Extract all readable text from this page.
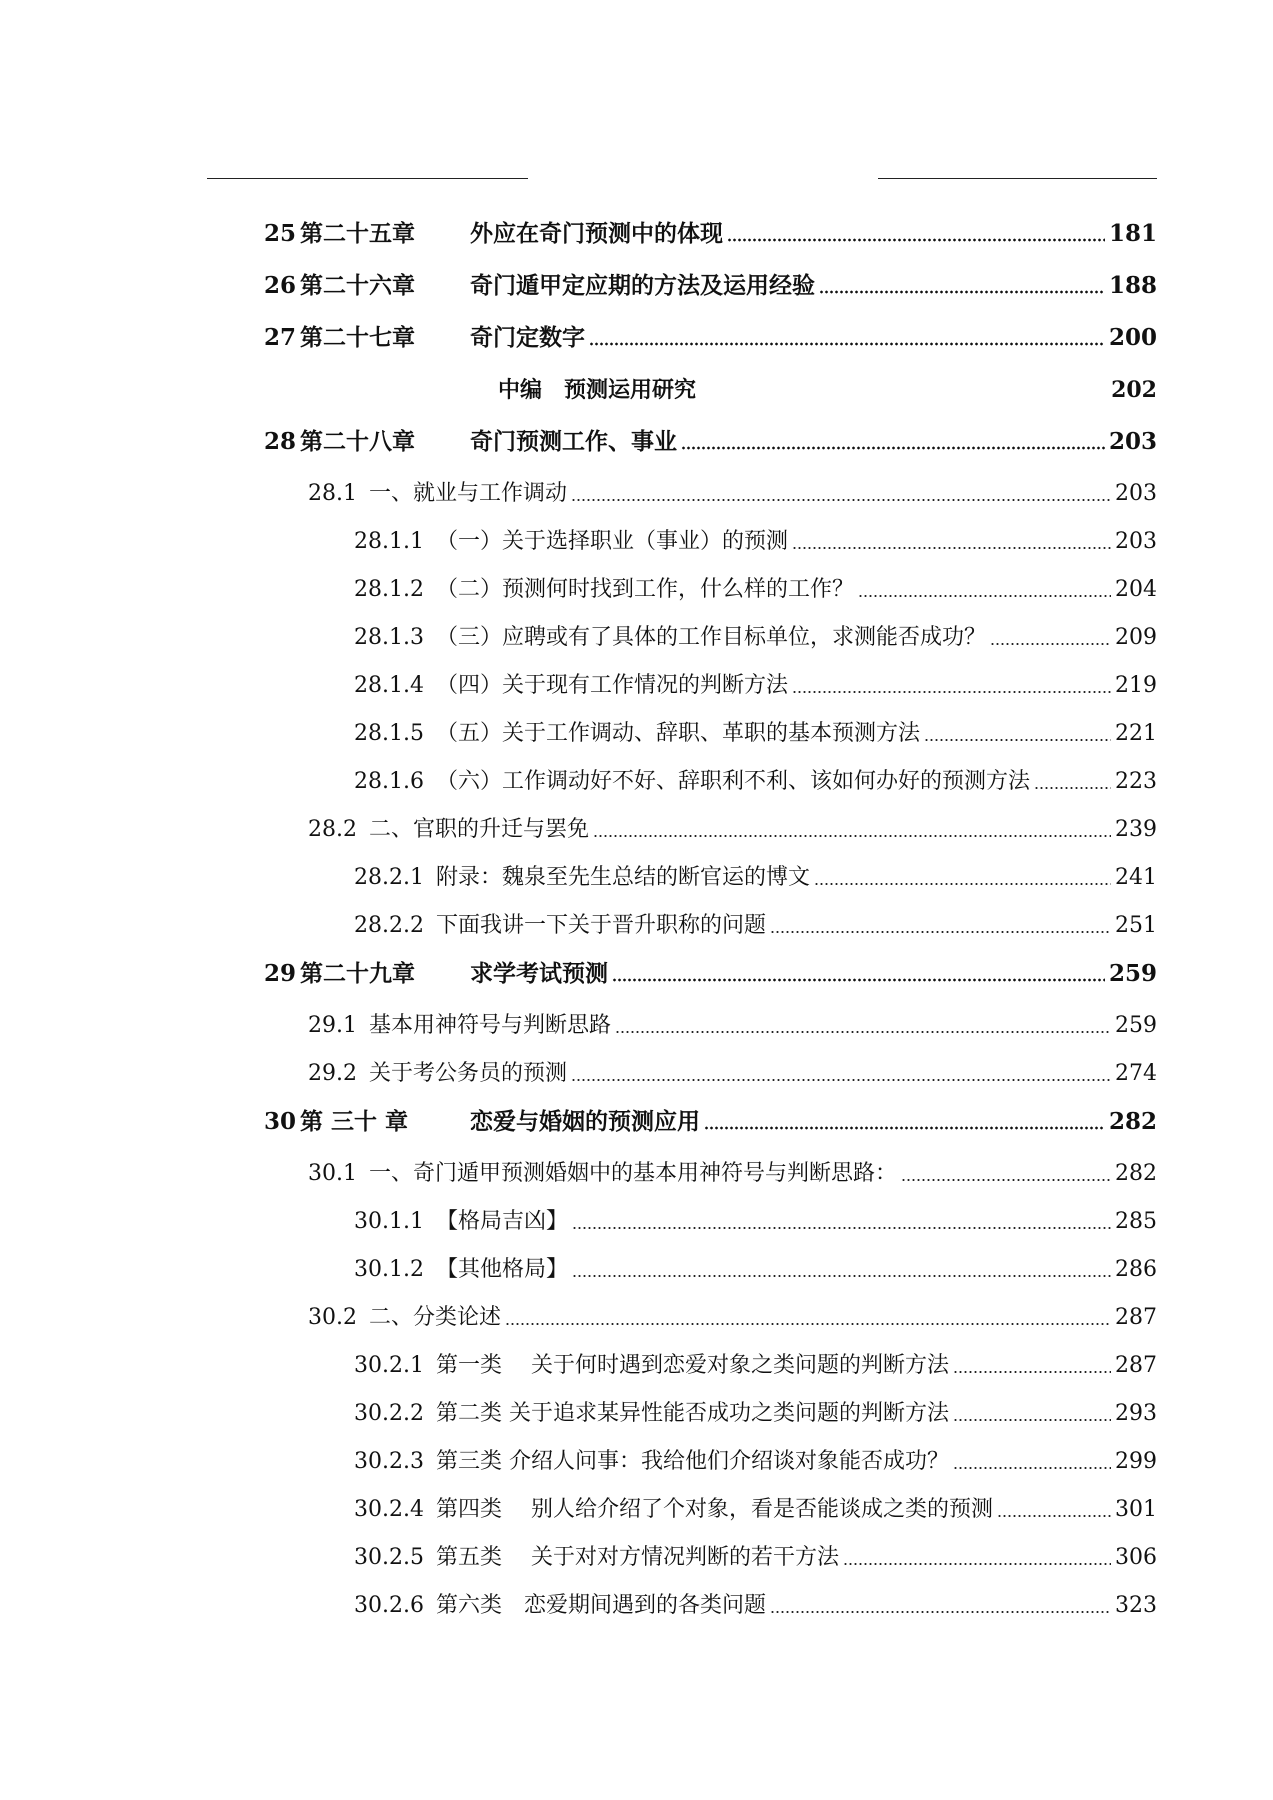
25 第二十五章 外应在奇门预测中的体现	181
26 第二十六章 奇门遁甲定应期的方法及运用经验	188
27 第二十七章 奇门定数字	200
中编　预测运用研究	202
28 第二十八章 奇门预测工作、事业	203
28.1 一、就业与工作调动	203
28.1.1 （一）关于选择职业（事业）的预测	203
28.1.2 （二）预测何时找到工作，什么样的工作？	204
28.1.3 （三）应聘或有了具体的工作目标单位，求测能否成功？	209
28.1.4 （四）关于现有工作情况的判断方法	219
28.1.5 （五）关于工作调动、辞职、革职的基本预测方法	221
28.1.6 （六）工作调动好不好、辞职利不利、该如何办好的预测方法	223
28.2 二、官职的升迁与罢免	239
28.2.1 附录：魏泉至先生总结的断官运的博文	241
28.2.2 下面我讲一下关于晋升职称的问题	251
29 第二十九章 求学考试预测	259
29.1 基本用神符号与判断思路	259
29.2 关于考公务员的预测	274
30 第 三十 章	恋爱与婚姻的预测应用	282
30.1 一、奇门遁甲预测婚姻中的基本用神符号与判断思路：	282
30.1.1 【格局吉凶】	285
30.1.2 【其他格局】	286
30.2 二、分类论述	287
30.2.1 第一类　 关于何时遇到恋爱对象之类问题的判断方法	287
30.2.2 第二类 关于追求某异性能否成功之类问题的判断方法	293
30.2.3 第三类 介绍人问事：我给他们介绍谈对象能否成功？	299
30.2.4 第四类　 别人给介绍了个对象，看是否能谈成之类的预测	301
30.2.5 第五类　 关于对对方情况判断的若干方法	306
30.2.6 第六类　恋爱期间遇到的各类问题	323
